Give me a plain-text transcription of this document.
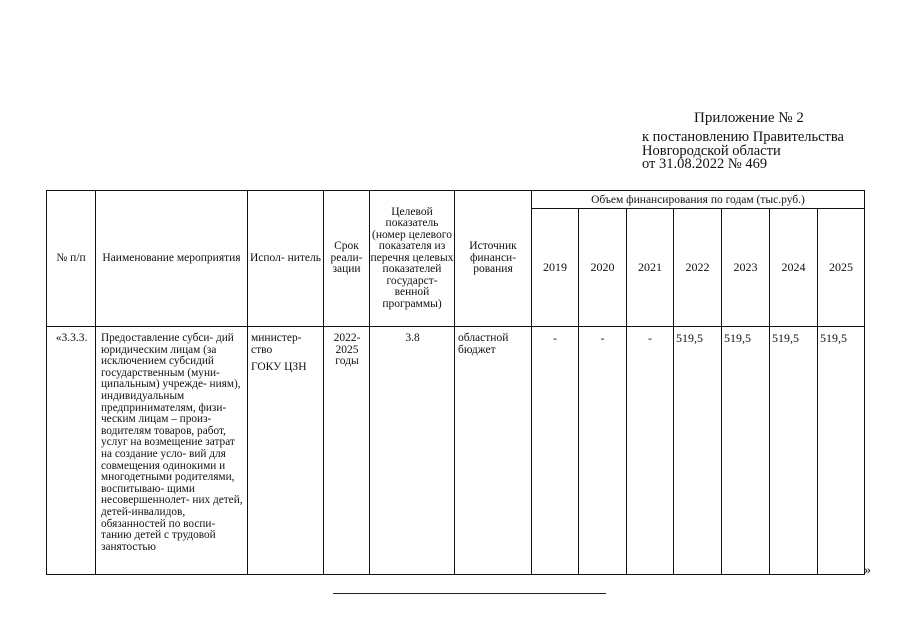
Приложение № 2
к постановлению Правительства
Новгородской области
от 31.08.2022 № 469
№ п/п	Наименование мероприятия	Испол- нитель	Срок реали- зации	Целевой показатель (номер целевого показателя из перечня целевых показателей государст- венной программы)	Источник финанси- рования	Объем финансирования по годам (тыс.руб.)						
						2019	2020	2021	2022	2023	2024	2025
«3.3.3.	Предоставление субси- дий юридическим лицам (за исключением субсидий государственным (муни- ципальным) учрежде- ниям), индивидуальным предпринимателям, физи- ческим лицам – произ- водителям товаров, работ, услуг на возмещение затрат на создание усло- вий для совмещения одинокими и многодетными родителями, воспитываю- щими несовершеннолет- них детей, детей-инвалидов, обязанностей по воспи- танию детей с трудовой занятостью	министер- ство
ГОКУ ЦЗН	2022- 2025 годы	3.8	областной бюджет	-	-	-	519,5	519,5	519,5	519,5
»
